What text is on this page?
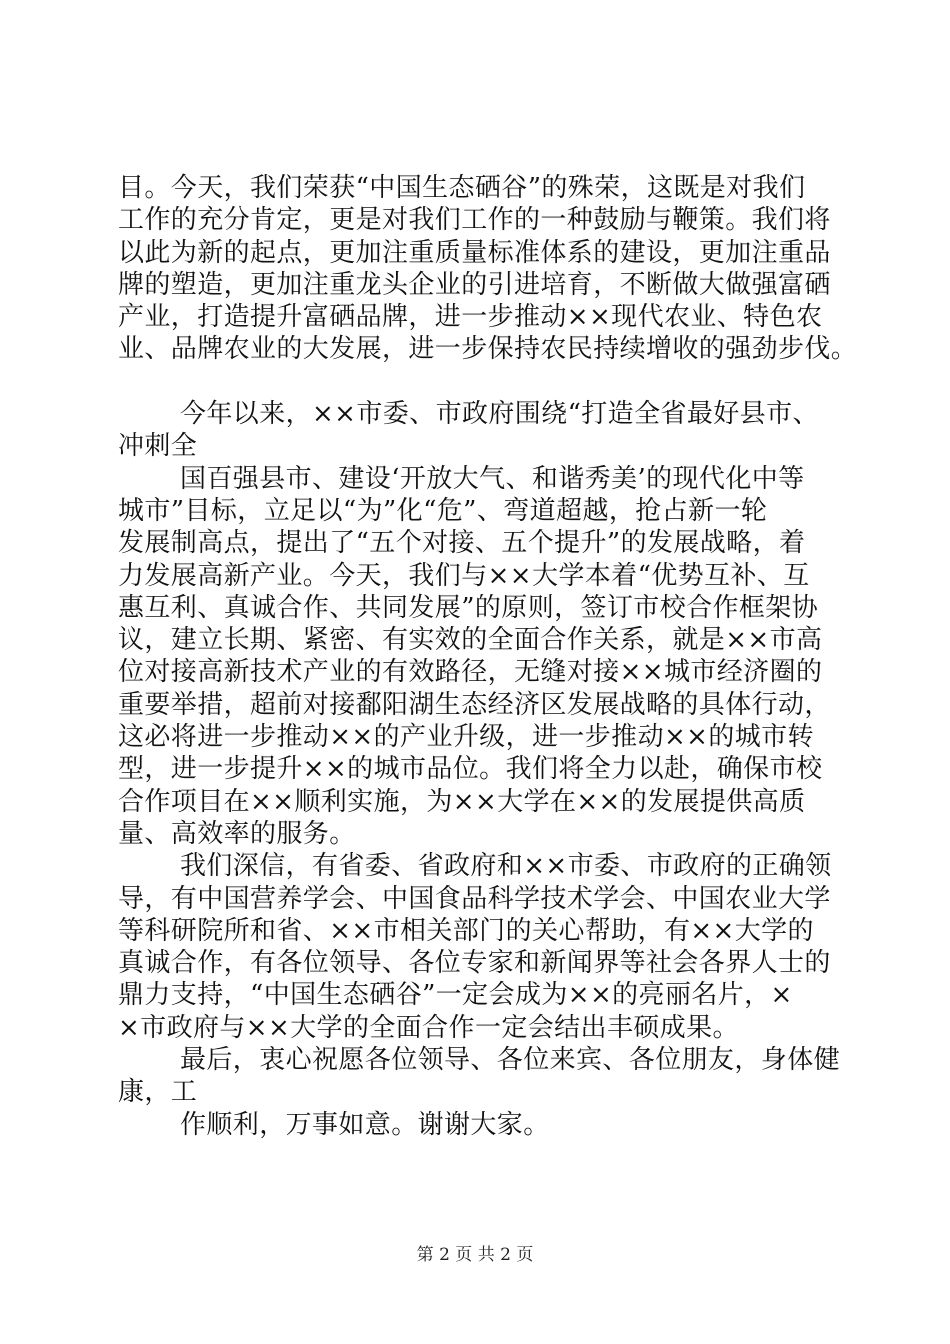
目。今天，我们荣获“中国生态硒谷”的殊荣，这既是对我们
工作的充分肯定，更是对我们工作的一种鼓励与鞭策。我们将
以此为新的起点，更加注重质量标准体系的建设，更加注重品
牌的塑造，更加注重龙头企业的引进培育，不断做大做强富硒
产业，打造提升富硒品牌，进一步推动××现代农业、特色农
业、品牌农业的大发展，进一步保持农民持续增收的强劲步伐。
今年以来，××市委、市政府围绕“打造全省最好县市、
冲刺全
国百强县市、建设‘开放大气、和谐秀美’的现代化中等
城市”目标，立足以“为”化“危”、弯道超越，抢占新一轮
发展制高点，提出了“五个对接、五个提升”的发展战略，着
力发展高新产业。今天，我们与××大学本着“优势互补、互
惠互利、真诚合作、共同发展”的原则，签订市校合作框架协
议，建立长期、紧密、有实效的全面合作关系，就是××市高
位对接高新技术产业的有效路径，无缝对接××城市经济圈的
重要举措，超前对接鄱阳湖生态经济区发展战略的具体行动，
这必将进一步推动××的产业升级，进一步推动××的城市转
型，进一步提升××的城市品位。我们将全力以赴，确保市校
合作项目在××顺利实施，为××大学在××的发展提供高质
量、高效率的服务。
我们深信，有省委、省政府和××市委、市政府的正确领
导，有中国营养学会、中国食品科学技术学会、中国农业大学
等科研院所和省、××市相关部门的关心帮助，有××大学的
真诚合作，有各位领导、各位专家和新闻界等社会各界人士的
鼎力支持，“中国生态硒谷”一定会成为××的亮丽名片，×
×市政府与××大学的全面合作一定会结出丰硕成果。
最后，衷心祝愿各位领导、各位来宾、各位朋友，身体健
康，工
作顺利，万事如意。谢谢大家。
第 2 页 共 2 页
